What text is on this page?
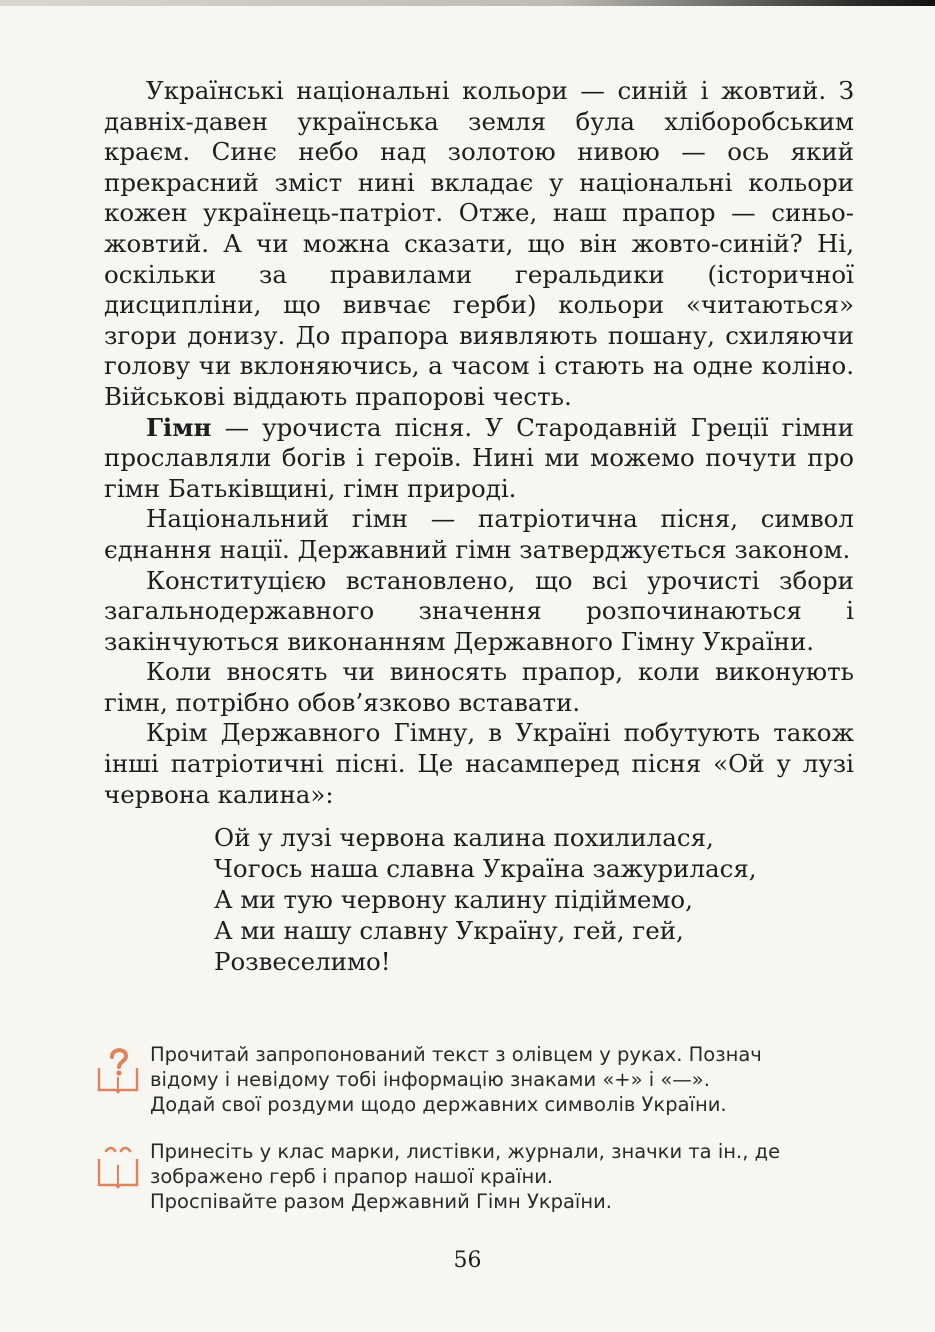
Українські національні кольори — синій і жовтий. З давніх-давен українська земля була хліборобським краєм. Синє небо над золотою нивою — ось який прекрасний зміст нині вкладає у національні кольори кожен українець-патріот. Отже, наш прапор — синьо-жовтий. А чи можна сказати, що він жовто-синій? Ні, оскільки за правилами геральдики (історичної дисципліни, що вивчає герби) кольори «читаються» згори донизу. До прапора виявляють пошану, схиляючи голову чи вклоняючись, а часом і стають на одне коліно. Військові віддають прапорові честь.

Гімн — урочиста пісня. У Стародавній Греції гімни прославляли богів і героїв. Нині ми можемо почути про гімн Батьківщині, гімн природі.

Національний гімн — патріотична пісня, символ єднання нації. Державний гімн затверджується законом.

Конституцією встановлено, що всі урочисті збори загальнодержавного значення розпочинаються і закінчуються виконанням Державного Гімну України.

Коли вносять чи виносять прапор, коли виконують гімн, потрібно обов’язково вставати.

Крім Державного Гімну, в Україні побутують також інші патріотичні пісні. Це насамперед пісня «Ой у лузі червона калина»:

Ой у лузі червона калина похилилася,
Чогось наша славна Україна зажурилася,
А ми тую червону калину підіймемо,
А ми нашу славну Україну, гей, гей,
Розвеселимо!
Прочитай запропонований текст з олівцем у руках. Познач
відому і невідому тобі інформацію знаками «+» і «—».
Додай свої роздуми щодо державних символів України.
Принесіть у клас марки, листівки, журнали, значки та ін., де
зображено герб і прапор нашої країни.
Проспівайте разом Державний Гімн України.
56
